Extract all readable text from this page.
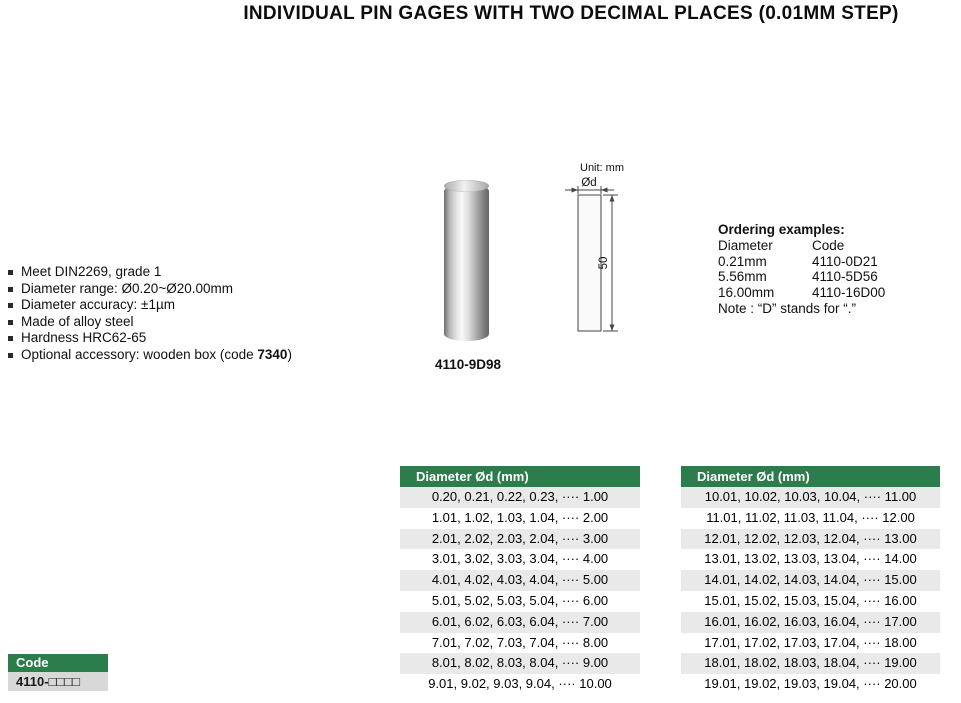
INDIVIDUAL PIN GAGES WITH TWO DECIMAL PLACES (0.01MM STEP)
Meet DIN2269, grade 1
Diameter range: Ø0.20~Ø20.00mm
Diameter accuracy: ±1µm
Made of alloy steel
Hardness HRC62-65
Optional accessory: wooden box (code 7340)
4110-9D98
Unit: mm
Ød
50
Ordering examples:
Diameter	Code
0.21mm	4110-0D21
5.56mm	4110-5D56
16.00mm	4110-16D00
Note : “D” stands for “.”
Code
4110-□□□□
Diameter Ød (mm)
0.20, 0.21, 0.22, 0.23, ···· 1.00
1.01, 1.02, 1.03, 1.04, ···· 2.00
2.01, 2.02, 2.03, 2.04, ···· 3.00
3.01, 3.02, 3.03, 3.04, ···· 4.00
4.01, 4.02, 4.03, 4.04, ···· 5.00
5.01, 5.02, 5.03, 5.04, ···· 6.00
6.01, 6.02, 6.03, 6.04, ···· 7.00
7.01, 7.02, 7.03, 7.04, ···· 8.00
8.01, 8.02, 8.03, 8.04, ···· 9.00
9.01, 9.02, 9.03, 9.04, ···· 10.00
Diameter Ød (mm)
10.01, 10.02, 10.03, 10.04, ···· 11.00
11.01, 11.02, 11.03, 11.04, ···· 12.00
12.01, 12.02, 12.03, 12.04, ···· 13.00
13.01, 13.02, 13.03, 13.04, ···· 14.00
14.01, 14.02, 14.03, 14.04, ···· 15.00
15.01, 15.02, 15.03, 15.04, ···· 16.00
16.01, 16.02, 16.03, 16.04, ···· 17.00
17.01, 17.02, 17.03, 17.04, ···· 18.00
18.01, 18.02, 18.03, 18.04, ···· 19.00
19.01, 19.02, 19.03, 19.04, ···· 20.00
